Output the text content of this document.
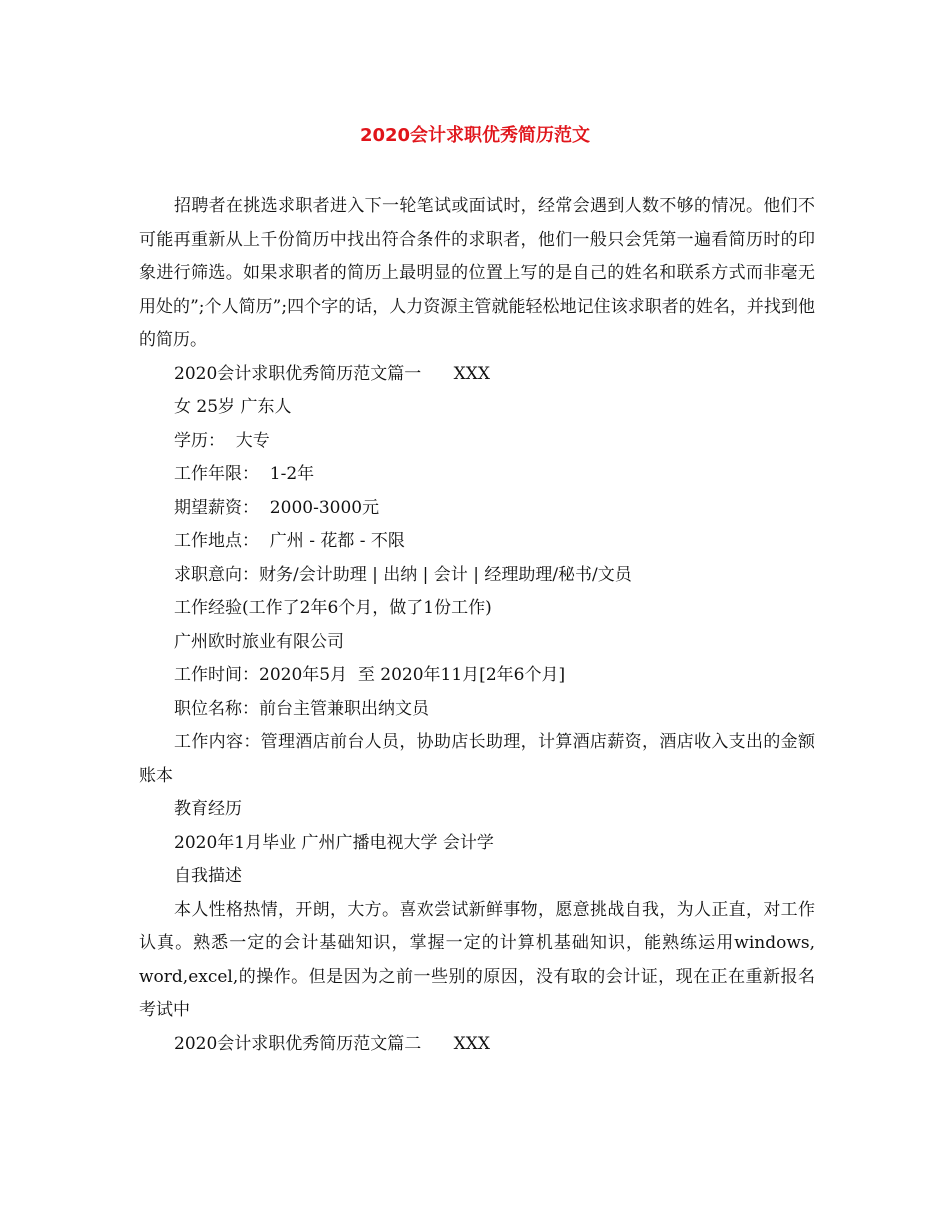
2020会计求职优秀简历范文

招聘者在挑选求职者进入下一轮笔试或面试时，经常会遇到人数不够的情况。他们不可能再重新从上千份简历中找出符合条件的求职者，他们一般只会凭第一遍看简历时的印象进行筛选。如果求职者的简历上最明显的位置上写的是自己的姓名和联系方式而非毫无用处的”;个人简历”;四个字的话，人力资源主管就能轻松地记住该求职者的姓名，并找到他的简历。

2020会计求职优秀简历范文篇一      XXX

女 25岁 广东人

学历：  大专

工作年限：  1-2年

期望薪资：  2000-3000元

工作地点：  广州 - 花都 - 不限

求职意向：财务/会计助理 | 出纳 | 会计 | 经理助理/秘书/文员

工作经验(工作了2年6个月，做了1份工作)

广州欧时旅业有限公司

工作时间：2020年5月  至 2020年11月[2年6个月]

职位名称：前台主管兼职出纳文员

工作内容：管理酒店前台人员，协助店长助理，计算酒店薪资，酒店收入支出的金额账本

教育经历

2020年1月毕业 广州广播电视大学 会计学

自我描述

本人性格热情，开朗，大方。喜欢尝试新鲜事物，愿意挑战自我，为人正直，对工作认真。熟悉一定的会计基础知识，掌握一定的计算机基础知识，能熟练运用windows, word,excel,的操作。但是因为之前一些别的原因，没有取的会计证，现在正在重新报名考试中

2020会计求职优秀简历范文篇二      XXX
